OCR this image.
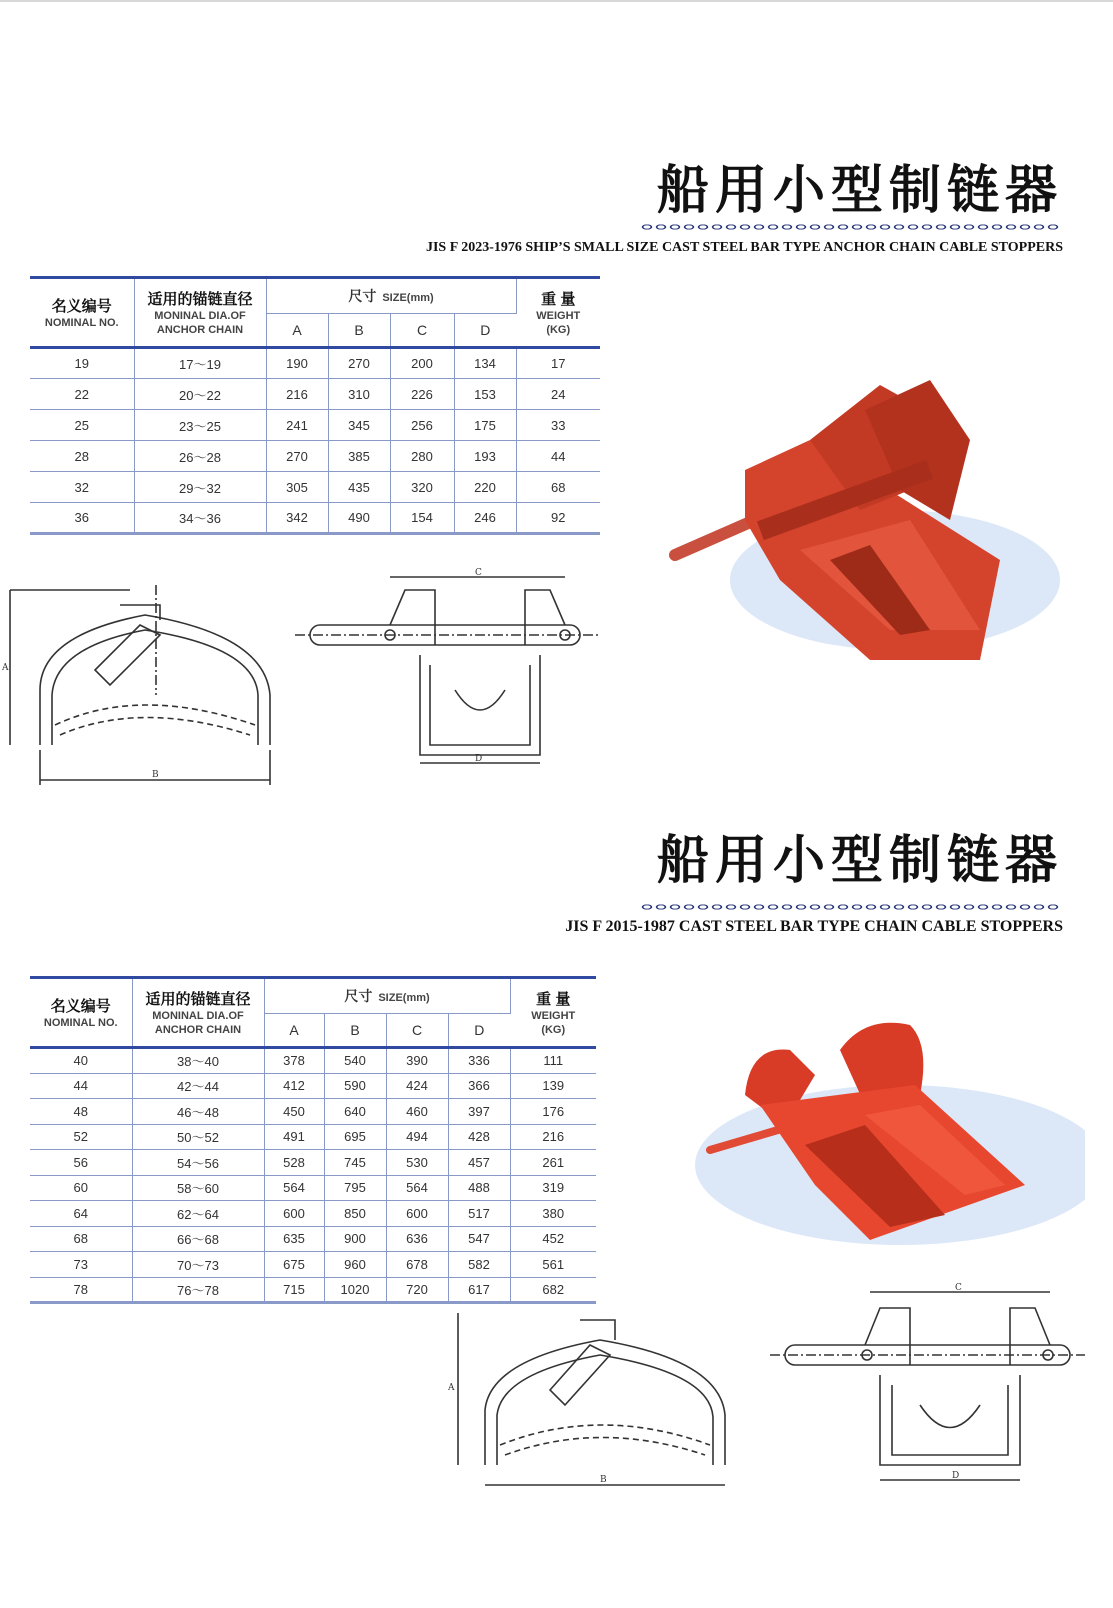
船用小型制链器
JIS F 2023-1976 SHIP’S SMALL SIZE CAST STEEL BAR TYPE ANCHOR CHAIN CABLE STOPPERS
名义编号
NOMINAL NO.	适用的锚链直径
MONINAL DIA.OF
ANCHOR CHAIN	尺寸 SIZE(mm)				重 量
WEIGHT
(KG)

		A	B	C	D	
19	17～19	190	270	200	134	17
22	20～22	216	310	226	153	24
25	23～25	241	345	256	175	33
28	26～28	270	385	280	193	44
32	29～32	305	435	320	220	68
36	34～36	342	490	154	246	92
B
A
C
D
船用小型制链器
JIS F 2015-1987 CAST STEEL BAR TYPE CHAIN CABLE STOPPERS
名义编号
NOMINAL NO.	适用的锚链直径
MONINAL DIA.OF
ANCHOR CHAIN	尺寸 SIZE(mm)				重 量
WEIGHT
(KG)

		A	B	C	D	
40	38～40	378	540	390	336	111
44	42～44	412	590	424	366	139
48	46～48	450	640	460	397	176
52	50～52	491	695	494	428	216
56	54～56	528	745	530	457	261
60	58～60	564	795	564	488	319
64	62～64	600	850	600	517	380
68	66～68	635	900	636	547	452
73	70～73	675	960	678	582	561
78	76～78	715	1020	720	617	682
B
A
C
D
